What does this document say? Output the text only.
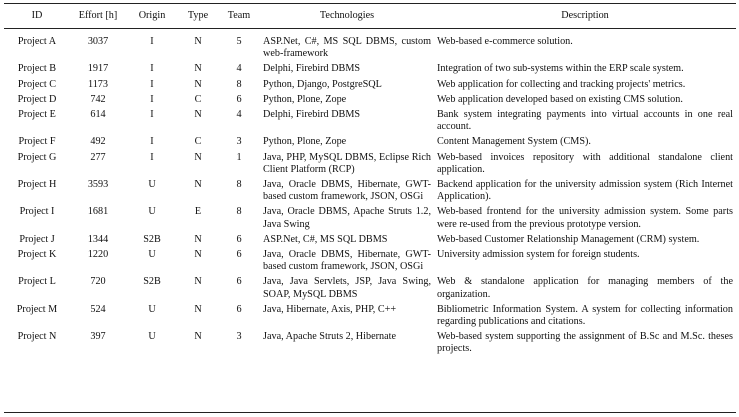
ID	Effort [h]	Origin	Type	Team	Technologies	Description
Project A	3037	I	N	5	ASP.Net, C#, MS SQL DBMS, custom web-framework	Web-based e-commerce solution.
Project B	1917	I	N	4	Delphi, Firebird DBMS	Integration of two sub-systems within the ERP scale system.
Project C	1173	I	N	8	Python, Django, PostgreSQL	Web application for collecting and tracking projects' metrics.
Project D	742	I	C	6	Python, Plone, Zope	Web application developed based on existing CMS solution.
Project E	614	I	N	4	Delphi, Firebird DBMS	Bank system integrating payments into virtual accounts in one real account.
Project F	492	I	C	3	Python, Plone, Zope	Content Management System (CMS).
Project G	277	I	N	1	Java, PHP, MySQL DBMS, Eclipse Rich Client Platform (RCP)	Web-based invoices repository with additional standalone client application.
Project H	3593	U	N	8	Java, Oracle DBMS, Hibernate, GWT-based custom framework, JSON, OSGi	Backend application for the university admission system (Rich Internet Application).
Project I	1681	U	E	8	Java, Oracle DBMS, Apache Struts 1.2, Java Swing	Web-based frontend for the university admission system. Some parts were re-used from the previous prototype version.
Project J	1344	S2B	N	6	ASP.Net, C#, MS SQL DBMS	Web-based Customer Relationship Management (CRM) system.
Project K	1220	U	N	6	Java, Oracle DBMS, Hibernate, GWT-based custom framework, JSON, OSGi	University admission system for foreign students.
Project L	720	S2B	N	6	Java, Java Servlets, JSP, Java Swing, SOAP, MySQL DBMS	Web & standalone application for managing members of the organization.
Project M	524	U	N	6	Java, Hibernate, Axis, PHP, C++	Bibliometric Information System. A system for collecting information regarding publications and citations.
Project N	397	U	N	3	Java, Apache Struts 2, Hibernate	Web-based system supporting the assignment of B.Sc and M.Sc. theses projects.
